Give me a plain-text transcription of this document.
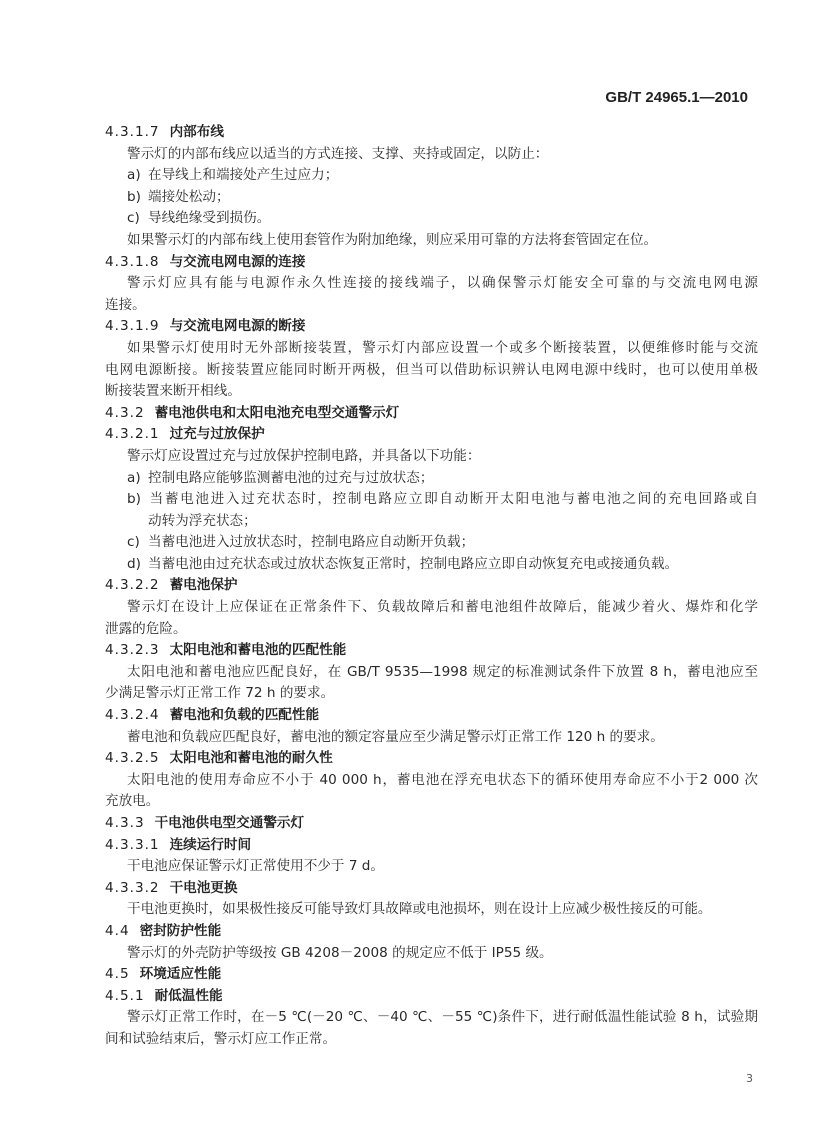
GB/T 24965.1—2010
4.3.1.7 内部布线
警示灯的内部布线应以适当的方式连接、支撑、夹持或固定，以防止：
a) 在导线上和端接处产生过应力；
b) 端接处松动；
c) 导线绝缘受到损伤。
如果警示灯的内部布线上使用套管作为附加绝缘，则应采用可靠的方法将套管固定在位。
4.3.1.8 与交流电网电源的连接
警示灯应具有能与电源作永久性连接的接线端子，以确保警示灯能安全可靠的与交流电网电源
连接。
4.3.1.9 与交流电网电源的断接
如果警示灯使用时无外部断接装置，警示灯内部应设置一个或多个断接装置，以便维修时能与交流
电网电源断接。断接装置应能同时断开两极，但当可以借助标识辨认电网电源中线时，也可以使用单极
断接装置来断开相线。
4.3.2 蓄电池供电和太阳电池充电型交通警示灯
4.3.2.1 过充与过放保护
警示灯应设置过充与过放保护控制电路，并具备以下功能：
a) 控制电路应能够监测蓄电池的过充与过放状态；
b) 当蓄电池进入过充状态时，控制电路应立即自动断开太阳电池与蓄电池之间的充电回路或自
动转为浮充状态；
c) 当蓄电池进入过放状态时，控制电路应自动断开负载；
d) 当蓄电池由过充状态或过放状态恢复正常时，控制电路应立即自动恢复充电或接通负载。
4.3.2.2 蓄电池保护
警示灯在设计上应保证在正常条件下、负载故障后和蓄电池组件故障后，能减少着火、爆炸和化学
泄露的危险。
4.3.2.3 太阳电池和蓄电池的匹配性能
太阳电池和蓄电池应匹配良好，在 GB/T 9535—1998 规定的标准测试条件下放置 8 h，蓄电池应至
少满足警示灯正常工作 72 h 的要求。
4.3.2.4 蓄电池和负载的匹配性能
蓄电池和负载应匹配良好，蓄电池的额定容量应至少满足警示灯正常工作 120 h 的要求。
4.3.2.5 太阳电池和蓄电池的耐久性
太阳电池的使用寿命应不小于 40 000 h，蓄电池在浮充电状态下的循环使用寿命应不小于2 000 次
充放电。
4.3.3 干电池供电型交通警示灯
4.3.3.1 连续运行时间
干电池应保证警示灯正常使用不少于 7 d。
4.3.3.2 干电池更换
干电池更换时，如果极性接反可能导致灯具故障或电池损坏，则在设计上应减少极性接反的可能。
4.4 密封防护性能
警示灯的外壳防护等级按 GB 4208－2008 的规定应不低于 IP55 级。
4.5 环境适应性能
4.5.1 耐低温性能
警示灯正常工作时，在－5 ℃(－20 ℃、－40 ℃、－55 ℃)条件下，进行耐低温性能试验 8 h，试验期
间和试验结束后，警示灯应工作正常。
3
